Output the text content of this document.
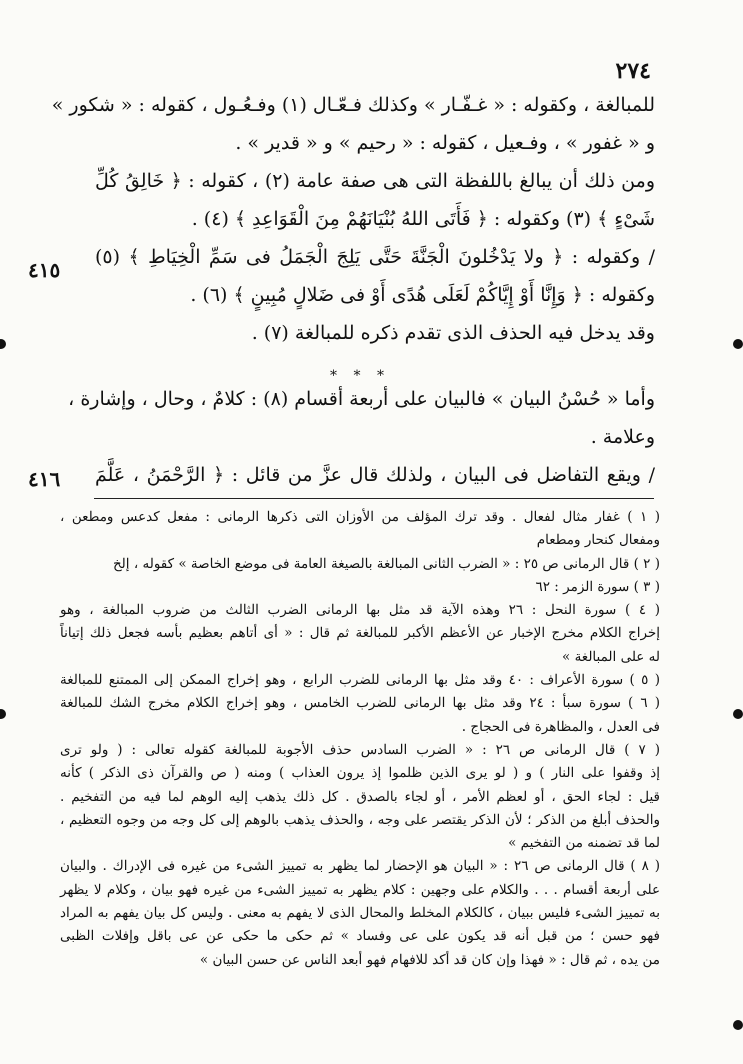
٢٧٤
للمبالغة ، وكقوله : « غـفّـار » وكذلك فـعّـال (١) وفـعُـول ، كقوله : « شكور »
و « غفور » ، وفـعيل ، كقوله : « رحيم » و « قدير » .
ومن ذلك أن يبالغ باللفظة التى هى صفة عامة (٢) ، كقوله : ﴿ خَالِقُ كُلِّ
شَىْءٍ ﴾ (٣) وكقوله : ﴿ فَأَتَى اللهُ بُنْيَانَهُمْ مِنَ الْقَوَاعِدِ ﴾ (٤) .
/ وكقوله : ﴿ ولا يَدْخُلونَ الْجَنَّةَ حَتَّى يَلِجَ الْجَمَلُ فى سَمِّ الْخِيَاطِ ﴾ (٥)
وكقوله : ﴿ وَإِنَّا أَوْ إِيَّاكُمْ لَعَلَى هُدًى أَوْ فى ضَلالٍ مُبِينٍ ﴾ (٦) .
وقد يدخل فيه الحذف الذى تقدم ذكره للمبالغة (٧) .
وأما « حُسْنُ البيان » فالبيان على أربعة أقسام (٨) : كلامٌ ، وحال ، وإشارة ،
وعلامة .
/ ويقع التفاضل فى البيان ، ولذلك قال عزَّ من قائل : ﴿ الرَّحْمَنُ ، عَلَّمَ
* * *
٤١٥
٤١٦
( ١ ) غفار مثال لفعال . وقد ترك المؤلف من الأوزان التى ذكرها الرمانى : مفعل كدعس ومطعن ،
ومفعال كنحار ومطعام
( ٢ ) قال الرمانى ص ٢٥ : « الضرب الثانى المبالغة بالصيغة العامة فى موضع الخاصة » كقوله ، إلخ
( ٣ ) سورة الزمر : ٦٢
( ٤ ) سورة النحل : ٢٦ وهذه الآية قد مثل بها الرمانى الضرب الثالث من ضروب المبالغة ، وهو
إخراج الكلام مخرج الإخبار عن الأعظم الأكبر للمبالغة ثم قال : « أى أتاهم بعظيم بأسه فجعل ذلك إتياناً
له على المبالغة »
( ٥ ) سورة الأعراف : ٤٠ وقد مثل بها الرمانى للضرب الرابع ، وهو إخراج الممكن إلى الممتنع للمبالغة
( ٦ ) سورة سبأ : ٢٤ وقد مثل بها الرمانى للضرب الخامس ، وهو إخراج الكلام مخرج الشك للمبالغة
فى العدل ، والمظاهرة فى الحجاج .
( ٧ ) قال الرمانى ص ٢٦ : « الضرب السادس حذف الأجوبة للمبالغة كقوله تعالى : ( ولو ترى
إذ وقفوا على النار ) و ( لو يرى الذين ظلموا إذ يرون العذاب ) ومنه ( ص والقرآن ذى الذكر ) كأنه
قيل : لجاء الحق ، أو لعظم الأمر ، أو لجاء بالصدق . كل ذلك يذهب إليه الوهم لما فيه من التفخيم .
والحذف أبلغ من الذكر ؛ لأن الذكر يقتصر على وجه ، والحذف يذهب بالوهم إلى كل وجه من وجوه التعظيم ،
لما قد تضمنه من التفخيم »
( ٨ ) قال الرمانى ص ٢٦ : « البيان هو الإحضار لما يظهر به تمييز الشىء من غيره فى الإدراك . والبيان
على أربعة أقسام . . . والكلام على وجهين : كلام يظهر به تمييز الشىء من غيره فهو بيان ، وكلام لا يظهر
به تمييز الشىء فليس ببيان ، كالكلام المخلط والمحال الذى لا يفهم به معنى . وليس كل بيان يفهم به المراد
فهو حسن ؛ من قبل أنه قد يكون على عى وفساد » ثم حكى ما حكى عن عى باقل وإفلات الظبى
من يده ، ثم قال : « فهذا وإن كان قد أكد للافهام فهو أبعد الناس عن حسن البيان »
